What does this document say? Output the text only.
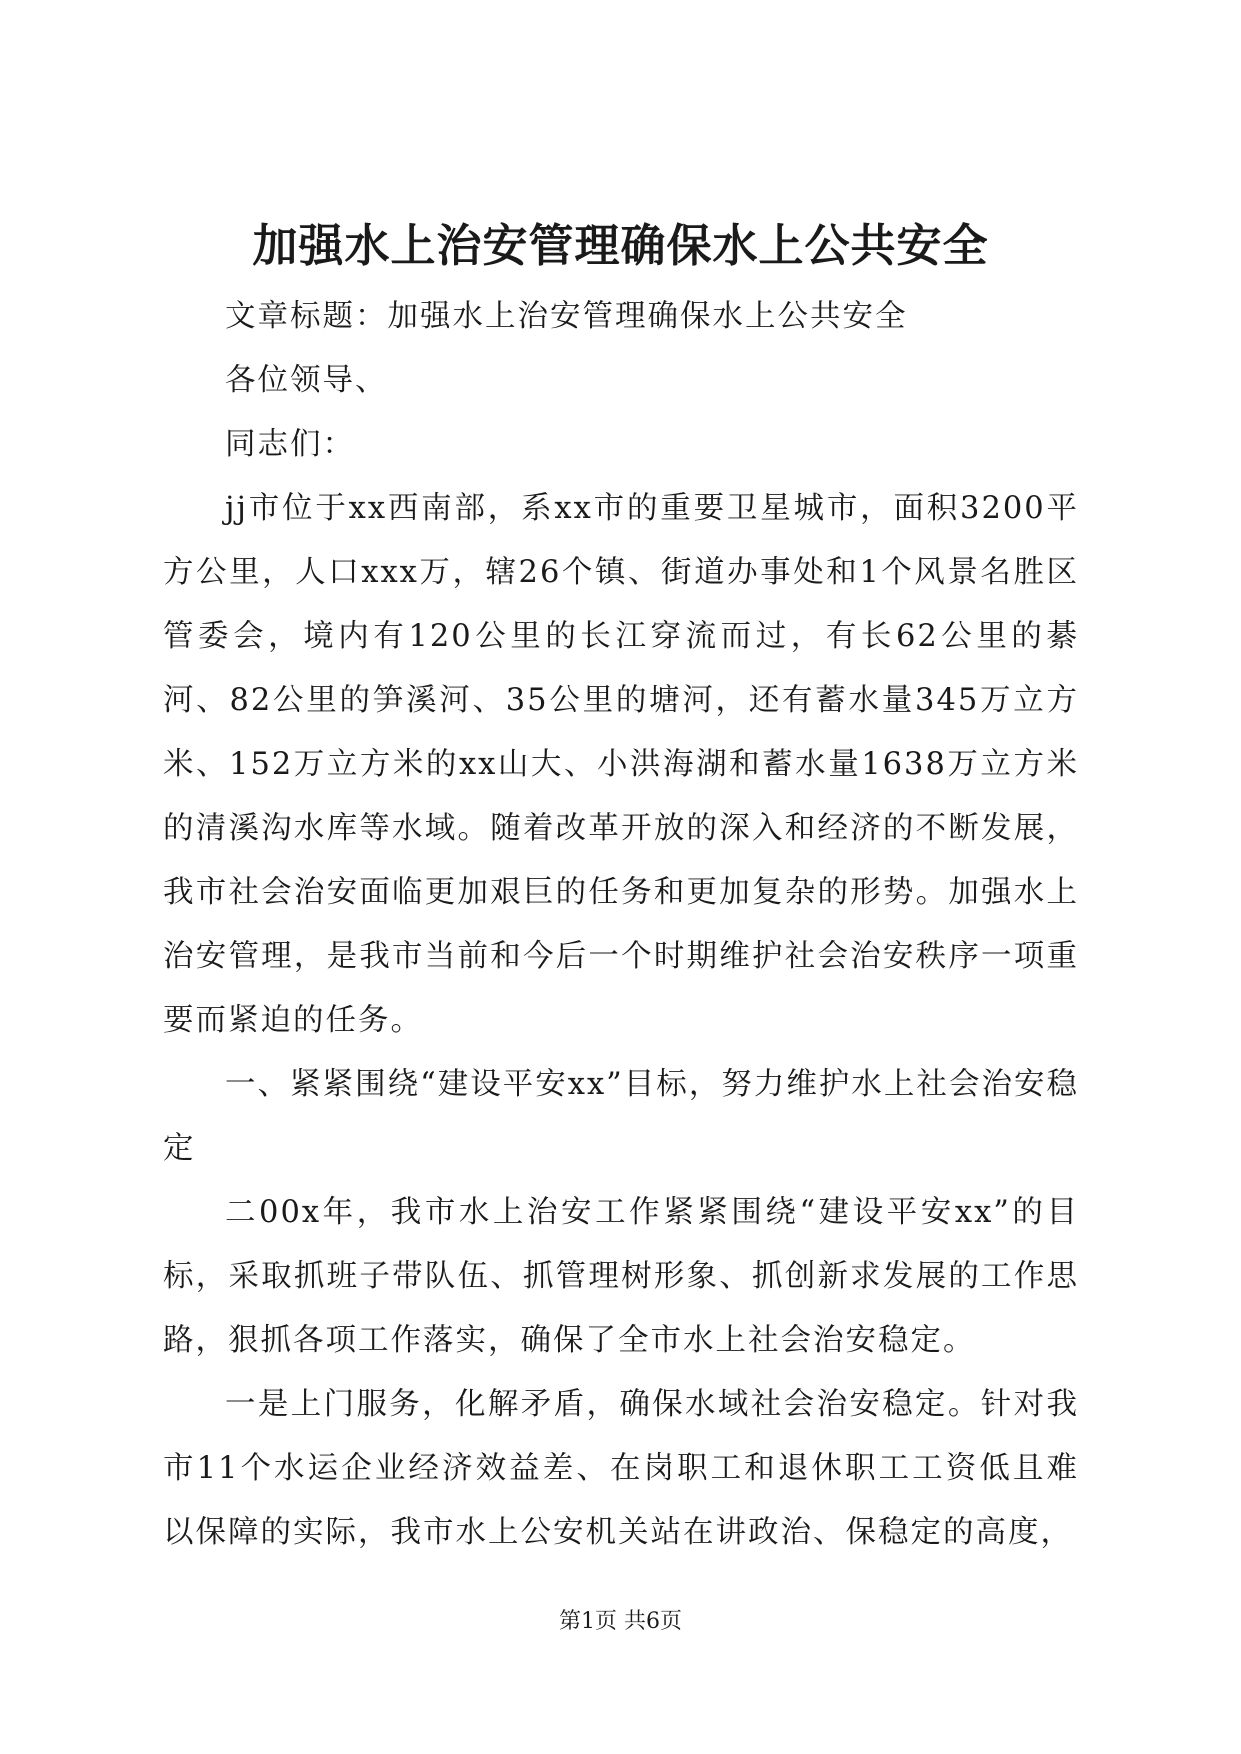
加强水上治安管理确保水上公共安全

文章标题：加强水上治安管理确保水上公共安全

各位领导、

同志们：

jj市位于xx西南部，系xx市的重要卫星城市，面积3200平方公里，人口xxx万，辖26个镇、街道办事处和1个风景名胜区管委会，境内有120公里的长江穿流而过，有长62公里的綦河、82公里的笋溪河、35公里的塘河，还有蓄水量345万立方米、152万立方米的xx山大、小洪海湖和蓄水量1638万立方米的清溪沟水库等水域。随着改革开放的深入和经济的不断发展，我市社会治安面临更加艰巨的任务和更加复杂的形势。加强水上治安管理，是我市当前和今后一个时期维护社会治安秩序一项重要而紧迫的任务。

一、紧紧围绕“建设平安xx”目标，努力维护水上社会治安稳定

二00x年，我市水上治安工作紧紧围绕“建设平安xx”的目标，采取抓班子带队伍、抓管理树形象、抓创新求发展的工作思路，狠抓各项工作落实，确保了全市水上社会治安稳定。

一是上门服务，化解矛盾，确保水域社会治安稳定。针对我市11个水运企业经济效益差、在岗职工和退休职工工资低且难以保障的实际，我市水上公安机关站在讲政治、保稳定的高度，

第1页 共6页
